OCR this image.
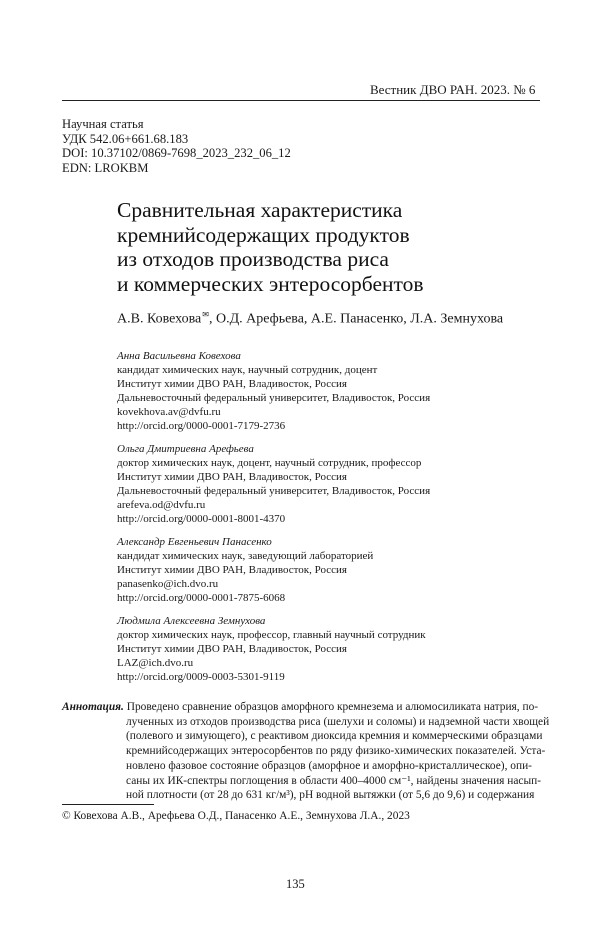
Вестник ДВО РАН. 2023. № 6
Научная статья
УДК 542.06+661.68.183
DOI: 10.37102/0869-7698_2023_232_06_12
EDN: LROKBM
Сравнительная характеристика
кремнийсодержащих продуктов
из отходов производства риса
и коммерческих энтеросорбентов
А.В. Ковехова✉, О.Д. Арефьева, А.Е. Панасенко, Л.А. Земнухова
Анна Васильевна Ковехова
кандидат химических наук, научный сотрудник, доцент
Институт химии ДВО РАН, Владивосток, Россия
Дальневосточный федеральный университет, Владивосток, Россия
kovekhova.av@dvfu.ru
http://orcid.org/0000-0001-7179-2736
Ольга Дмитриевна Арефьева
доктор химических наук, доцент, научный сотрудник, профессор
Институт химии ДВО РАН, Владивосток, Россия
Дальневосточный федеральный университет, Владивосток, Россия
arefeva.od@dvfu.ru
http://orcid.org/0000-0001-8001-4370
Александр Евгеньевич Панасенко
кандидат химических наук, заведующий лабораторией
Институт химии ДВО РАН, Владивосток, Россия
panasenko@ich.dvo.ru
http://orcid.org/0000-0001-7875-6068
Людмила Алексеевна Земнухова
доктор химических наук, профессор, главный научный сотрудник
Институт химии ДВО РАН, Владивосток, Россия
LAZ@ich.dvo.ru
http://orcid.org/0009-0003-5301-9119
Аннотация. Проведено сравнение образцов аморфного кремнезема и алюмосиликата натрия, по-
лученных из отходов производства риса (шелухи и соломы) и надземной части хвощей
(полевого и зимующего), с реактивом диоксида кремния и коммерческими образцами
кремнийсодержащих энтеросорбентов по ряду физико-химических показателей. Уста-
новлено фазовое состояние образцов (аморфное и аморфно-кристаллическое), опи-
саны их ИК-спектры поглощения в области 400–4000 см⁻¹, найдены значения насып-
ной плотности (от 28 до 631 кг/м³), рН водной вытяжки (от 5,6 до 9,6) и содержания
© Ковехова А.В., Арефьева О.Д., Панасенко А.Е., Земнухова Л.А., 2023
135
